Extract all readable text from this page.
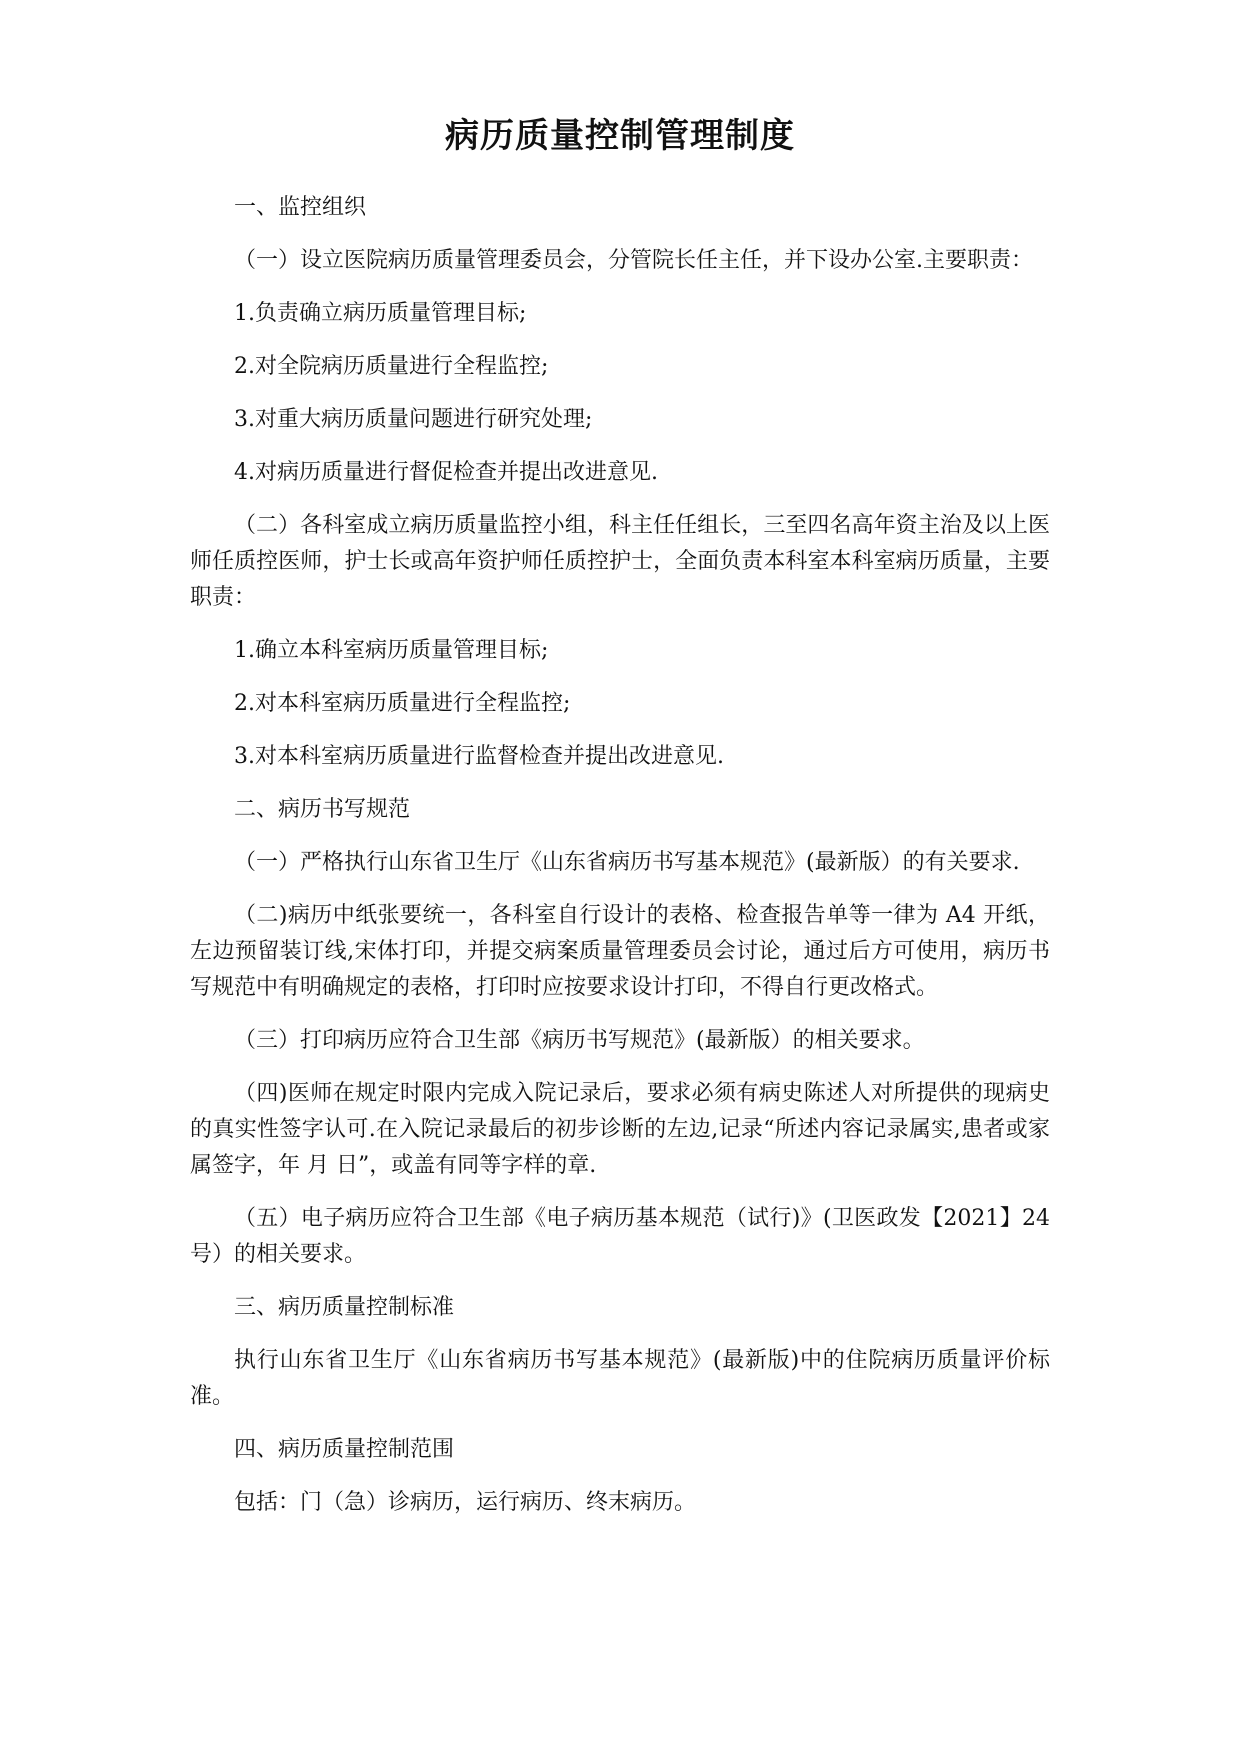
病历质量控制管理制度

一、监控组织

（一）设立医院病历质量管理委员会，分管院长任主任，并下设办公室.主要职责：

1.负责确立病历质量管理目标;

2.对全院病历质量进行全程监控;

3.对重大病历质量问题进行研究处理;

4.对病历质量进行督促检查并提出改进意见.

（二）各科室成立病历质量监控小组，科主任任组长，三至四名高年资主治及以上医师任质控医师，护士长或高年资护师任质控护士，全面负责本科室本科室病历质量，主要职责：

1.确立本科室病历质量管理目标;

2.对本科室病历质量进行全程监控;

3.对本科室病历质量进行监督检查并提出改进意见.

二、病历书写规范

（一）严格执行山东省卫生厅《山东省病历书写基本规范》(最新版）的有关要求.

（二)病历中纸张要统一，各科室自行设计的表格、检查报告单等一律为 A4 开纸，左边预留装订线,宋体打印，并提交病案质量管理委员会讨论，通过后方可使用，病历书写规范中有明确规定的表格，打印时应按要求设计打印，不得自行更改格式。

（三）打印病历应符合卫生部《病历书写规范》(最新版）的相关要求。

（四)医师在规定时限内完成入院记录后，要求必须有病史陈述人对所提供的现病史的真实性签字认可.在入院记录最后的初步诊断的左边,记录“所述内容记录属实,患者或家属签字，年 月 日”，或盖有同等字样的章.

（五）电子病历应符合卫生部《电子病历基本规范（试行)》(卫医政发【2021】24 号）的相关要求。

三、病历质量控制标准

执行山东省卫生厅《山东省病历书写基本规范》(最新版)中的住院病历质量评价标准。

四、病历质量控制范围

包括：门（急）诊病历，运行病历、终末病历。
